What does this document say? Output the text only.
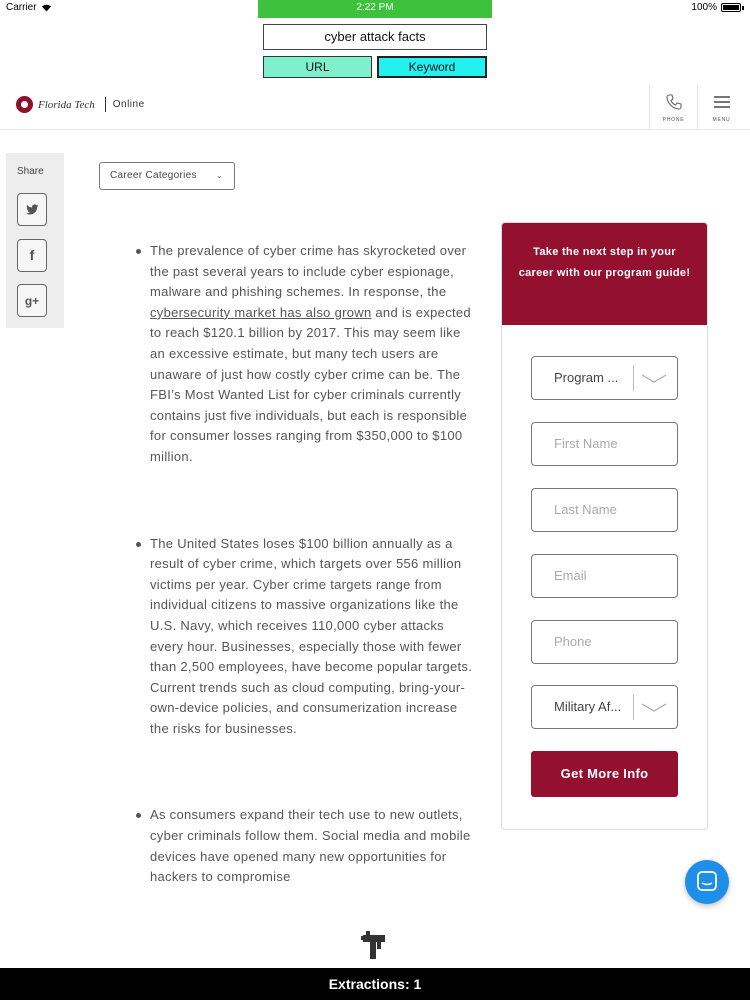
Carrier	2:22 PM	100%
cyber attack facts
URL	Keyword
Florida Tech Online
PHONE	MENU
Share
f
g+
Career Categories ⌄
The prevalence of cyber crime has skyrocketed over the past several years to include cyber espionage, malware and phishing schemes. In response, the cybersecurity market has also grown and is expected to reach $120.1 billion by 2017. This may seem like an excessive estimate, but many tech users are unaware of just how costly cyber crime can be. The FBI’s Most Wanted List for cyber criminals currently contains just five individuals, but each is responsible for consumer losses ranging from $350,000 to $100 million.
The United States loses $100 billion annually as a result of cyber crime, which targets over 556 million victims per year. Cyber crime targets range from individual citizens to massive organizations like the U.S. Navy, which receives 110,000 cyber attacks every hour. Businesses, especially those with fewer than 2,500 employees, have become popular targets. Current trends such as cloud computing, bring-your-own-device policies, and consumerization increase the risks for businesses.
As consumers expand their tech use to new outlets, cyber criminals follow them. Social media and mobile devices have opened many new opportunities for hackers to compromise
Take the next step in your career with our program guide!
Program ...
First Name
Last Name
Email
Phone
Military Af...
Get More Info
Extractions: 1
